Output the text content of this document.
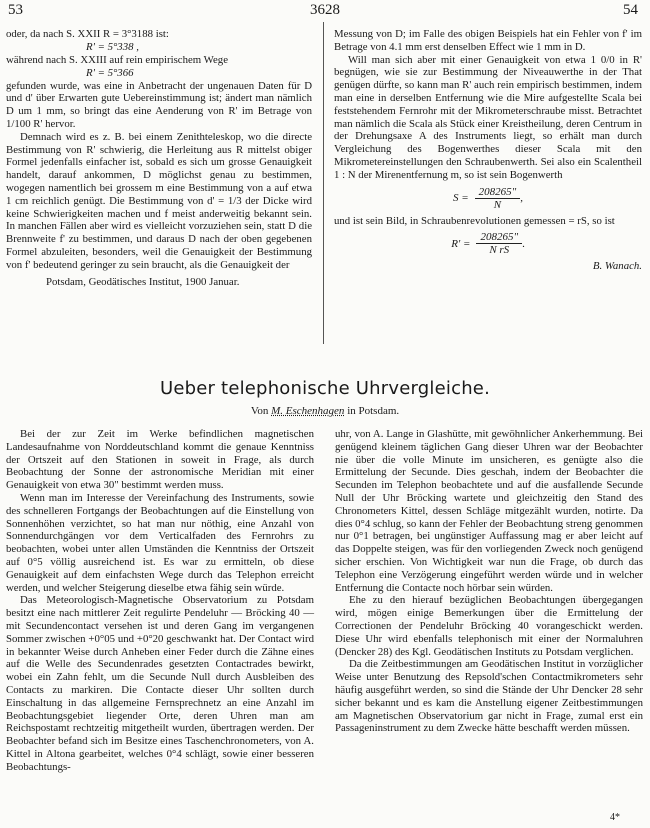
53	3628	54

oder, da nach S. XXII R = 3°3188 ist:

R' = 5°338 ,

während nach S. XXIII auf rein empirischem Wege

R' = 5°366

gefunden wurde, was eine in Anbetracht der ungenauen Daten für D und d' über Erwarten gute Uebereinstimmung ist; ändert man nämlich D um 1 mm, so bringt das eine Aenderung von R' im Betrage von 1/100 R' hervor.

Demnach wird es z. B. bei einem Zenithteleskop, wo die directe Bestimmung von R' schwierig, die Herleitung aus R mittelst obiger Formel jedenfalls einfacher ist, sobald es sich um grosse Genauigkeit handelt, darauf ankommen, D möglichst genau zu bestimmen, wogegen namentlich bei grossem m eine Bestimmung von a auf etwa 1 cm reichlich genügt. Die Bestimmung von d' = 1/3 der Dicke wird keine Schwierigkeiten machen und f meist anderweitig bekannt sein. In manchen Fällen aber wird es vielleicht vorzuziehen sein, statt D die Brennweite f' zu bestimmen, und daraus D nach der oben gegebenen Formel abzuleiten, besonders, weil die Genauigkeit der Bestimmung von f' bedeutend geringer zu sein braucht, als die Genauigkeit der

Potsdam, Geodätisches Institut, 1900 Januar.

Messung von D; im Falle des obigen Beispiels hat ein Fehler von f' im Betrage von 4.1 mm erst denselben Effect wie 1 mm in D.

Will man sich aber mit einer Genauigkeit von etwa 1 0/0 in R' begnügen, wie sie zur Bestimmung der Niveauwerthe in der That genügen dürfte, so kann man R' auch rein empirisch bestimmen, indem man eine in derselben Entfernung wie die Mire aufgestellte Scala bei feststehendem Fernrohr mit der Mikrometerschraube misst. Betrachtet man nämlich die Scala als Stück einer Kreistheilung, deren Centrum in der Drehungsaxe A des Instruments liegt, so erhält man durch Vergleichung des Bogenwerthes dieser Scala mit den Mikrometereinstellungen den Schraubenwerth. Sei also ein Scalentheil 1 : N der Mirenentfernung m, so ist sein Bogenwerth

$S = \frac{208265"}{N}$ ,

und ist sein Bild, in Schraubenrevolutionen gemessen = rS, so ist

$R' = \frac{208265"}{\text{N rS}}$ .
B. Wanach.
Ueber telephonische Uhrvergleiche.
Von M. Eschenhagen in Potsdam.

Bei der zur Zeit im Werke befindlichen magnetischen Landesaufnahme von Norddeutschland kommt die genaue Kenntniss der Ortszeit auf den Stationen in soweit in Frage, als durch Beobachtung der Sonne der astronomische Meridian mit einer Genauigkeit von etwa 30" bestimmt werden muss.

Wenn man im Interesse der Vereinfachung des Instruments, sowie des schnelleren Fortgangs der Beobachtungen auf die Einstellung von Sonnenhöhen verzichtet, so hat man nur nöthig, eine Anzahl von Sonnendurchgängen vor dem Verticalfaden des Fernrohrs zu beobachten, wobei unter allen Umständen die Kenntniss der Ortszeit auf 0°5 völlig ausreichend ist. Es war zu ermitteln, ob diese Genauigkeit auf dem einfachsten Wege durch das Telephon erreicht werden, und welcher Steigerung dieselbe etwa fähig sein würde.

Das Meteorologisch-Magnetische Observatorium zu Potsdam besitzt eine nach mittlerer Zeit regulirte Pendeluhr — Bröcking 40 — mit Secundencontact versehen ist und deren Gang im vergangenen Sommer zwischen +0°05 und +0°20 geschwankt hat. Der Contact wird in bekannter Weise durch Anheben einer Feder durch die Zähne eines auf die Welle des Secundenrades gesetzten Contactrades bewirkt, wobei ein Zahn fehlt, um die Secunde Null durch Ausbleiben des Contacts zu markiren. Die Contacte dieser Uhr sollten durch Einschaltung in das allgemeine Fernsprechnetz an eine Anzahl im Beobachtungsgebiet liegender Orte, deren Uhren man am Reichspostamt rechtzeitig mitgetheilt wurden, übertragen werden. Der Beobachter befand sich im Besitze eines Taschenchronometers, von A. Kittel in Altona gearbeitet, welches 0°4 schlägt, sowie einer besseren Beobachtungs-

uhr, von A. Lange in Glashütte, mit gewöhnlicher Ankerhemmung. Bei genügend kleinem täglichen Gang dieser Uhren war der Beobachter nie über die volle Minute im unsicheren, es genügte also die Ermittelung der Secunde. Dies geschah, indem der Beobachter die Secunden im Telephon beobachtete und auf die ausfallende Secunde Null der Uhr Bröcking wartete und gleichzeitig den Stand des Chronometers Kittel, dessen Schläge mitgezählt wurden, notirte. Da dies 0°4 schlug, so kann der Fehler der Beobachtung streng genommen nur 0°1 betragen, bei ungünstiger Auffassung mag er aber leicht auf das Doppelte steigen, was für den vorliegenden Zweck noch genügend sicher erschien. Von Wichtigkeit war nun die Frage, ob durch das Telephon eine Verzögerung eingeführt werden würde und in welcher Entfernung die Contacte noch hörbar sein würden.

Ehe zu den hierauf bezüglichen Beobachtungen übergegangen wird, mögen einige Bemerkungen über die Ermittelung der Correctionen der Pendeluhr Bröcking 40 vorangeschickt werden. Diese Uhr wird ebenfalls telephonisch mit einer der Normaluhren (Dencker 28) des Kgl. Geodätischen Instituts zu Potsdam verglichen.

Da die Zeitbestimmungen am Geodätischen Institut in vorzüglicher Weise unter Benutzung des Repsold'schen Contactmikrometers sehr häufig ausgeführt werden, so sind die Stände der Uhr Dencker 28 sehr sicher bekannt und es kam die Anstellung eigener Zeitbestimmungen am Magnetischen Observatorium gar nicht in Frage, zumal erst ein Passageninstrument zu dem Zwecke hätte beschafft werden müssen.

4*
